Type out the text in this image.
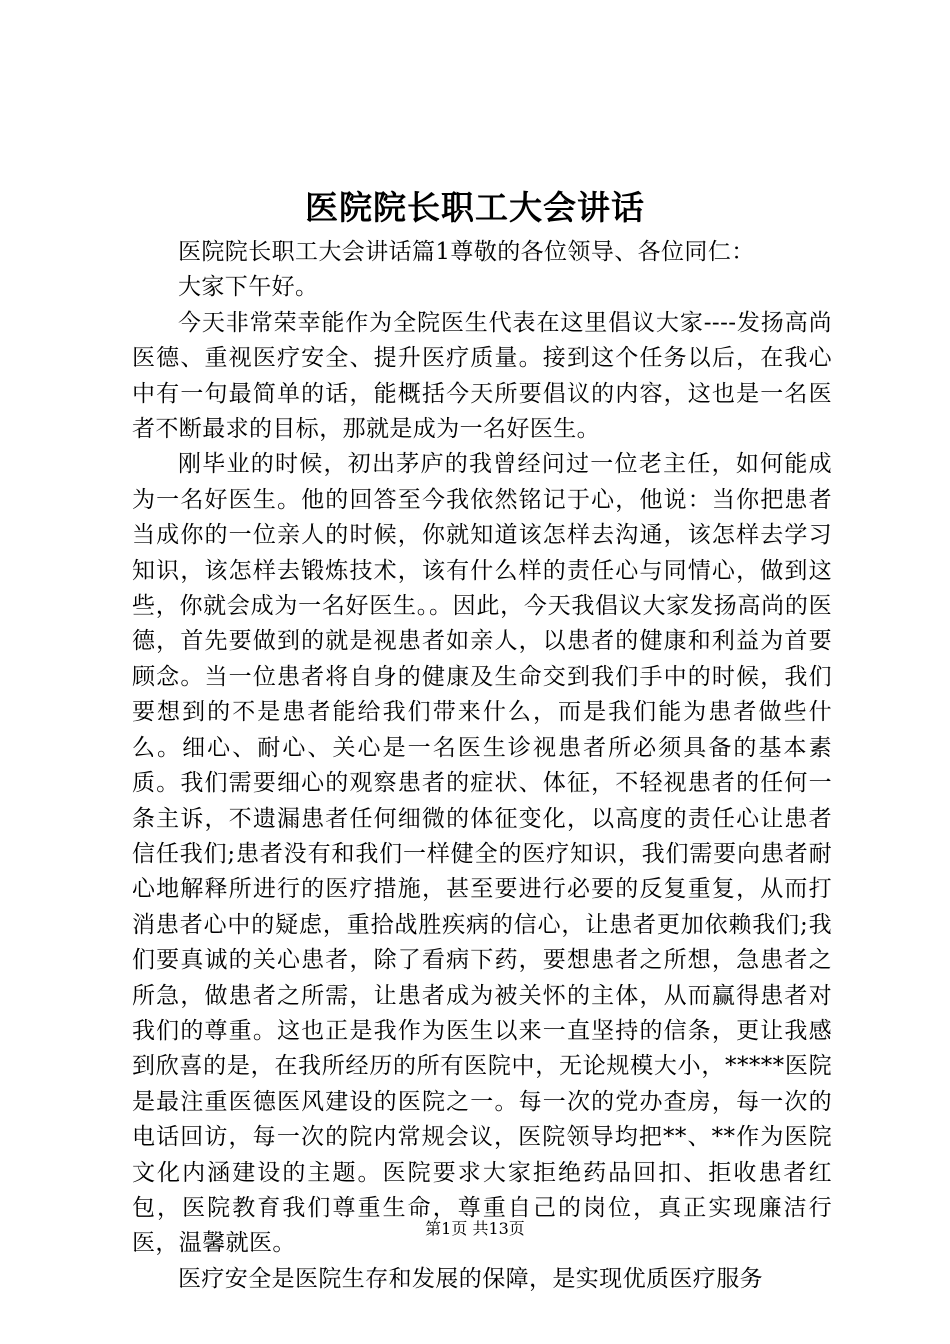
医院院长职工大会讲话

医院院长职工大会讲话篇1尊敬的各位领导、各位同仁：

大家下午好。

今天非常荣幸能作为全院医生代表在这里倡议大家----发扬高尚医德、重视医疗安全、提升医疗质量。接到这个任务以后，在我心中有一句最简单的话，能概括今天所要倡议的内容，这也是一名医者不断最求的目标，那就是成为一名好医生。

刚毕业的时候，初出茅庐的我曾经问过一位老主任，如何能成为一名好医生。他的回答至今我依然铭记于心，他说：当你把患者当成你的一位亲人的时候，你就知道该怎样去沟通，该怎样去学习知识，该怎样去锻炼技术，该有什么样的责任心与同情心，做到这些，你就会成为一名好医生。。因此，今天我倡议大家发扬高尚的医德，首先要做到的就是视患者如亲人，以患者的健康和利益为首要顾念。当一位患者将自身的健康及生命交到我们手中的时候，我们要想到的不是患者能给我们带来什么，而是我们能为患者做些什么。细心、耐心、关心是一名医生诊视患者所必须具备的基本素质。我们需要细心的观察患者的症状、体征，不轻视患者的任何一条主诉，不遗漏患者任何细微的体征变化，以高度的责任心让患者信任我们;患者没有和我们一样健全的医疗知识，我们需要向患者耐心地解释所进行的医疗措施，甚至要进行必要的反复重复，从而打消患者心中的疑虑，重拾战胜疾病的信心，让患者更加依赖我们;我们要真诚的关心患者，除了看病下药，要想患者之所想，急患者之所急，做患者之所需，让患者成为被关怀的主体，从而赢得患者对我们的尊重。这也正是我作为医生以来一直坚持的信条，更让我感到欣喜的是，在我所经历的所有医院中，无论规模大小，*****医院是最注重医德医风建设的医院之一。每一次的党办查房，每一次的电话回访，每一次的院内常规会议，医院领导均把**、**作为医院文化内涵建设的主题。医院要求大家拒绝药品回扣、拒收患者红包，医院教育我们尊重生命，尊重自己的岗位，真正实现廉洁行医，温馨就医。

医疗安全是医院生存和发展的保障，是实现优质医疗服务

第1页 共13页
